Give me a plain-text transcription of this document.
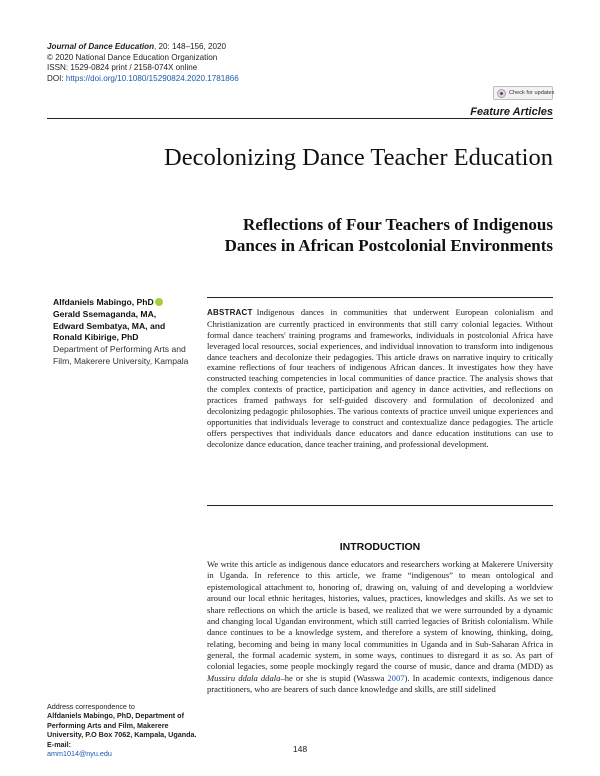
Journal of Dance Education, 20: 148–156, 2020
© 2020 National Dance Education Organization
ISSN: 1529-0824 print / 2158-074X online
DOI: https://doi.org/10.1080/15290824.2020.1781866
Check for updates
Feature Articles
Decolonizing Dance Teacher Education
Reflections of Four Teachers of Indigenous Dances in African Postcolonial Environments
Alfdaniels Mabingo, PhD
Gerald Ssemaganda, MA,
Edward Sembatya, MA, and
Ronald Kibirige, PhD
Department of Performing Arts and Film, Makerere University, Kampala

ABSTRACT Indigenous dances in communities that underwent European colonialism and Christianization are currently practiced in environments that still carry colonial legacies. Without formal dance teachers' training programs and frameworks, individuals in postcolonial Africa have leveraged local resources, social experiences, and individual innovation to transform into indigenous dance teachers and decolonize their pedagogies. This article draws on narrative inquiry to critically examine reflections of four teachers of indigenous African dances. It investigates how they have constructed teaching competencies in local communities of dance practice. The analysis shows that the complex contexts of practice, participation and agency in dance activities, and reflections on practices framed pathways for self-guided discovery and formulation of decolonized and decolonizing pedagogic philosophies. The various contexts of practice unveil unique experiences and opportunities that individuals leverage to construct and contextualize dance pedagogies. The article offers perspectives that individuals dance educators and dance education institutions can use to decolonize dance education, dance teacher training, and professional development.

INTRODUCTION

We write this article as indigenous dance educators and researchers working at Makerere University in Uganda. In reference to this article, we frame “indigenous” to mean ontological and epistemological attachment to, honoring of, drawing on, valuing of and developing a worldview around our local ethnic heritages, histories, values, practices, knowledges and skills. As we set to share reflections on which the article is based, we realized that we were surrounded by a dynamic and changing local Ugandan environment, which still carried legacies of British colonialism. While dance continues to be a knowledge system, and therefore a system of knowing, thinking, doing, relating, becoming and being in many local communities in Uganda and in Sub-Saharan Africa in general, the formal academic system, in some ways, continues to disregard it as so. As part of colonial legacies, some people mockingly regard the course of music, dance and drama (MDD) as Mussiru ddala ddala–he or she is stupid (Wasswa 2007). In academic contexts, indigenous dance practitioners, who are bearers of such dance knowledge and skills, are still sidelined

Address correspondence to
Alfdaniels Mabingo, PhD, Department of Performing Arts and Film, Makerere University, P.O Box 7062, Kampala, Uganda. E-mail:
amm1014@nyu.edu	148
